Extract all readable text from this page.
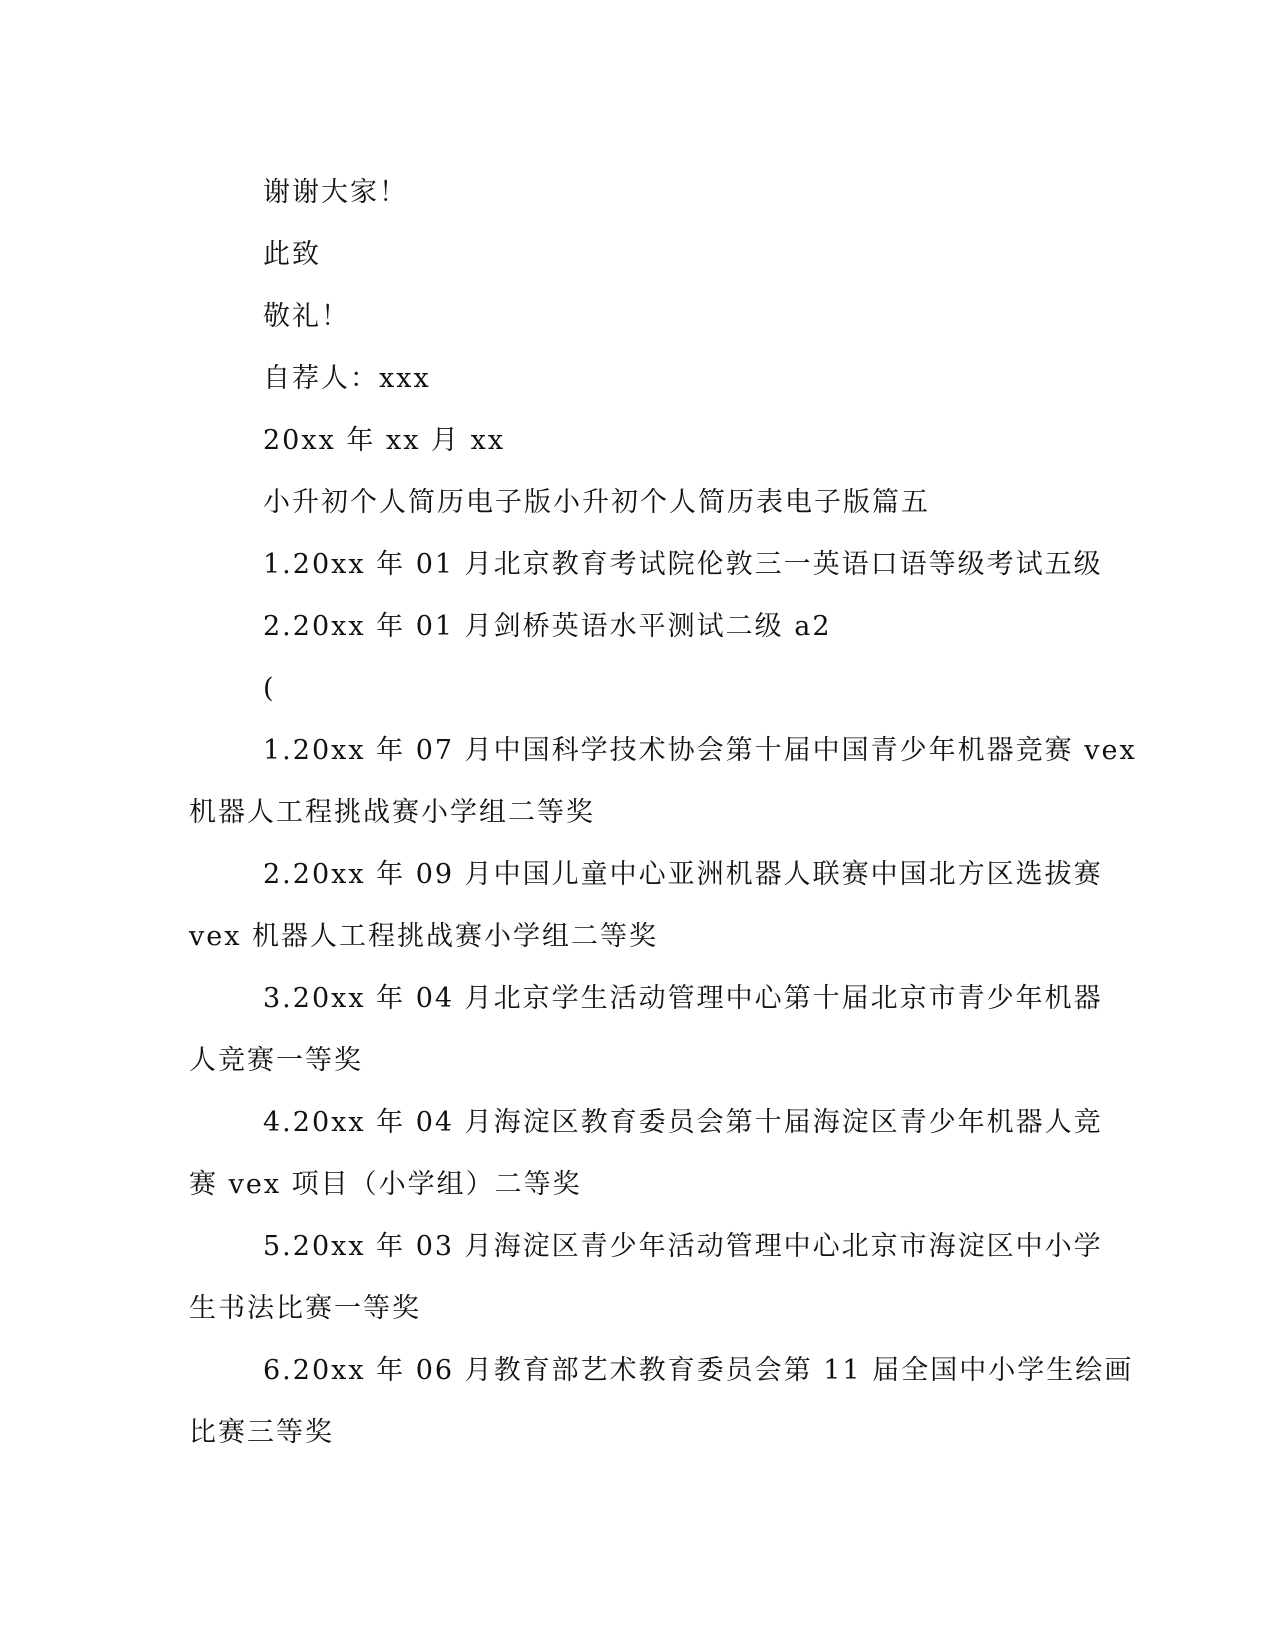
谢谢大家！
此致
敬礼！
自荐人：xxx
20xx 年 xx 月 xx
小升初个人简历电子版小升初个人简历表电子版篇五
1.20xx 年 01 月北京教育考试院伦敦三一英语口语等级考试五级
2.20xx 年 01 月剑桥英语水平测试二级 a2
(
1.20xx 年 07 月中国科学技术协会第十届中国青少年机器竞赛 vex
机器人工程挑战赛小学组二等奖
2.20xx 年 09 月中国儿童中心亚洲机器人联赛中国北方区选拔赛
vex 机器人工程挑战赛小学组二等奖
3.20xx 年 04 月北京学生活动管理中心第十届北京市青少年机器
人竞赛一等奖
4.20xx 年 04 月海淀区教育委员会第十届海淀区青少年机器人竞
赛 vex 项目（小学组）二等奖
5.20xx 年 03 月海淀区青少年活动管理中心北京市海淀区中小学
生书法比赛一等奖
6.20xx 年 06 月教育部艺术教育委员会第 11 届全国中小学生绘画
比赛三等奖
